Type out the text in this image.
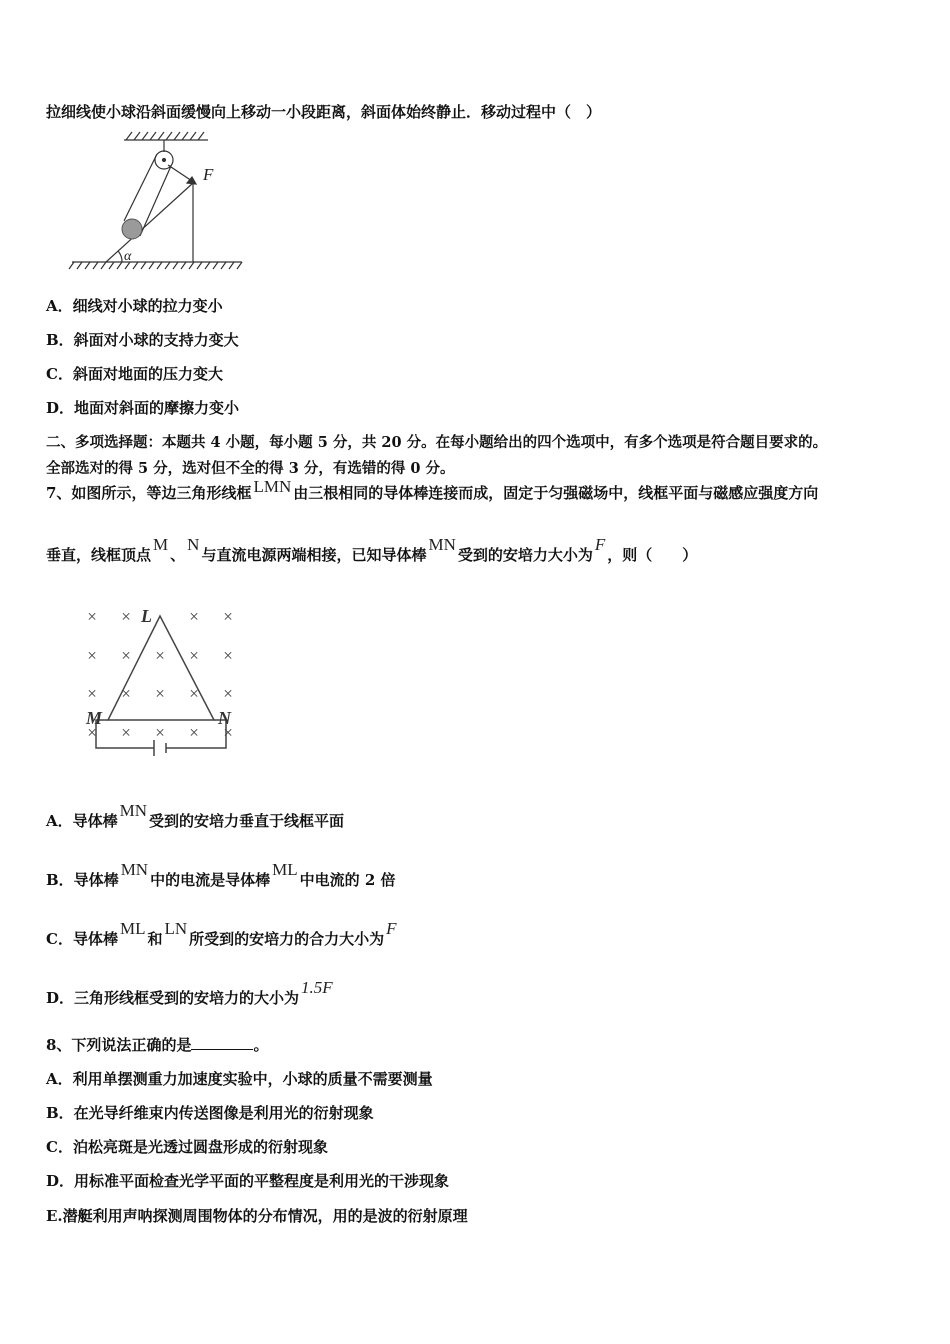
拉细线使小球沿斜面缓慢向上移动一小段距离，斜面体始终静止．移动过程中（　）
F
α
A．细线对小球的拉力变小
B．斜面对小球的支持力变大
C．斜面对地面的压力变大
D．地面对斜面的摩擦力变小
二、多项选择题：本题共 4 小题，每小题 5 分，共 20 分。在每小题给出的四个选项中，有多个选项是符合题目要求的。
全部选对的得 5 分，选对但不全的得 3 分，有选错的得 0 分。
7、如图所示，等边三角形线框 LMN 由三根相同的导体棒连接而成，固定于匀强磁场中，线框平面与磁感应强度方向
垂直，线框顶点M、N与直流电源两端相接，已知导体棒MN受到的安培力大小为F，则（　　）
× ×	× ×
× × × × ×
× × × × ×
× × × × ×
L
M	N
A．导体棒MN受到的安培力垂直于线框平面
B．导体棒MN中的电流是导体棒ML中电流的 2 倍
C．导体棒ML和LN所受到的安培力的合力大小为F
D．三角形线框受到的安培力的大小为1.5F
8、下列说法正确的是	。
A．利用单摆测重力加速度实验中，小球的质量不需要测量
B．在光导纤维束内传送图像是利用光的衍射现象
C．泊松亮斑是光透过圆盘形成的衍射现象
D．用标准平面检查光学平面的平整程度是利用光的干涉现象
E.潜艇利用声呐探测周围物体的分布情况，用的是波的衍射原理
